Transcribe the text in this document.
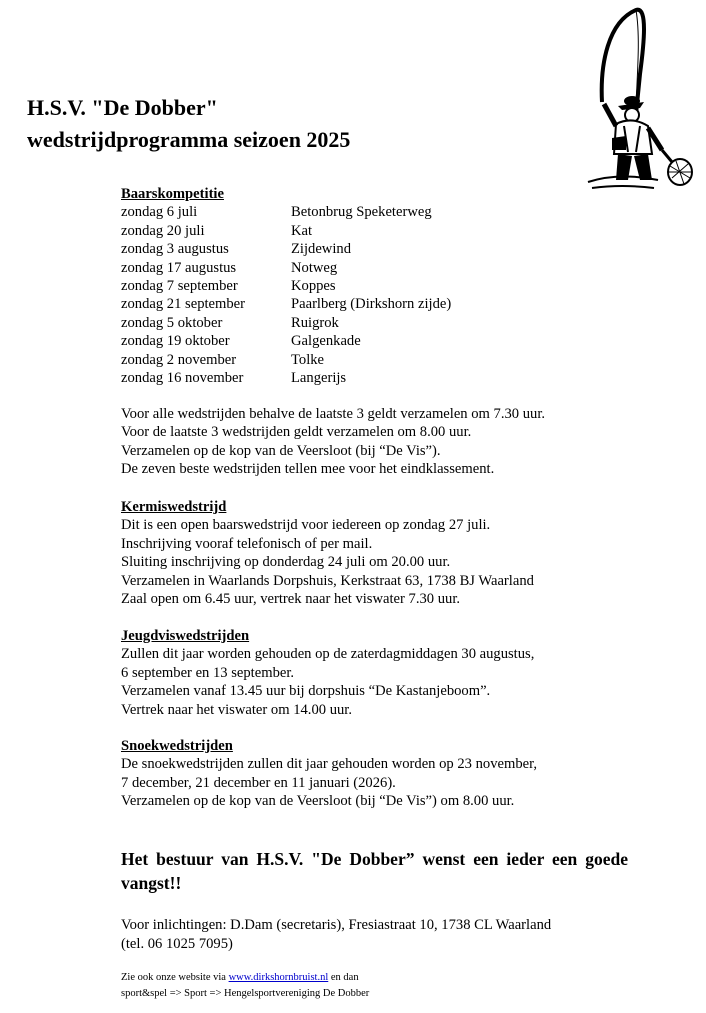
H.S.V. "De Dobber"
wedstrijdprogramma seizoen 2025
Baarskompetitie
zondag 6 juli	Betonbrug Speketerweg
zondag 20 juli	Kat
zondag 3 augustus	Zijdewind
zondag 17 augustus	Notweg
zondag 7 september	Koppes
zondag 21 september	Paarlberg (Dirkshorn zijde)
zondag 5 oktober	Ruigrok
zondag 19 oktober	Galgenkade
zondag 2 november	Tolke
zondag 16 november	Langerijs
Voor alle wedstrijden behalve de laatste 3 geldt verzamelen om 7.30 uur.
Voor de laatste 3 wedstrijden geldt verzamelen om 8.00 uur.
Verzamelen op de kop van de Veersloot (bij “De Vis”).
De zeven beste wedstrijden tellen mee voor het eindklassement.
Kermiswedstrijd
Dit is een open baarswedstrijd voor iedereen op zondag 27 juli.
Inschrijving vooraf telefonisch of per mail.
Sluiting inschrijving op donderdag 24 juli om 20.00 uur.
Verzamelen in Waarlands Dorpshuis, Kerkstraat 63, 1738 BJ Waarland
Zaal open om 6.45 uur, vertrek naar het viswater 7.30 uur.
Jeugdviswedstrijden
Zullen dit jaar worden gehouden op de zaterdagmiddagen 30 augustus,
6 september en 13 september.
Verzamelen vanaf 13.45 uur bij dorpshuis “De Kastanjeboom”.
Vertrek naar het viswater om 14.00 uur.
Snoekwedstrijden
De snoekwedstrijden zullen dit jaar gehouden worden op 23 november,
7 december, 21 december en 11 januari (2026).
Verzamelen op de kop van de Veersloot (bij “De Vis”) om 8.00 uur.
Het bestuur van H.S.V. "De Dobber” wenst een ieder een goede vangst!!
Voor inlichtingen: D.Dam (secretaris), Fresiastraat 10, 1738 CL Waarland
(tel. 06 1025 7095)
Zie ook onze website via www.dirkshornbruist.nl en dan
sport&spel => Sport => Hengelsportvereniging De Dobber
